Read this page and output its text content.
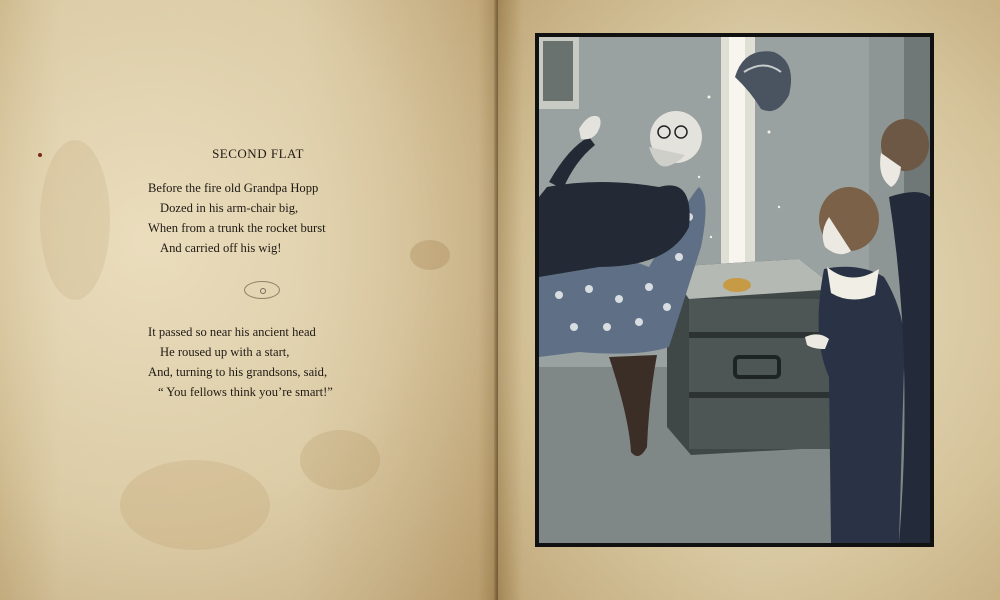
SECOND FLAT
Before the fire old Grandpa Hopp
Dozed in his arm-chair big,
When from a trunk the rocket burst
And carried off his wig!
It passed so near his ancient head
He roused up with a start,
And, turning to his grandsons, said,
“ You fellows think you’re smart!”
